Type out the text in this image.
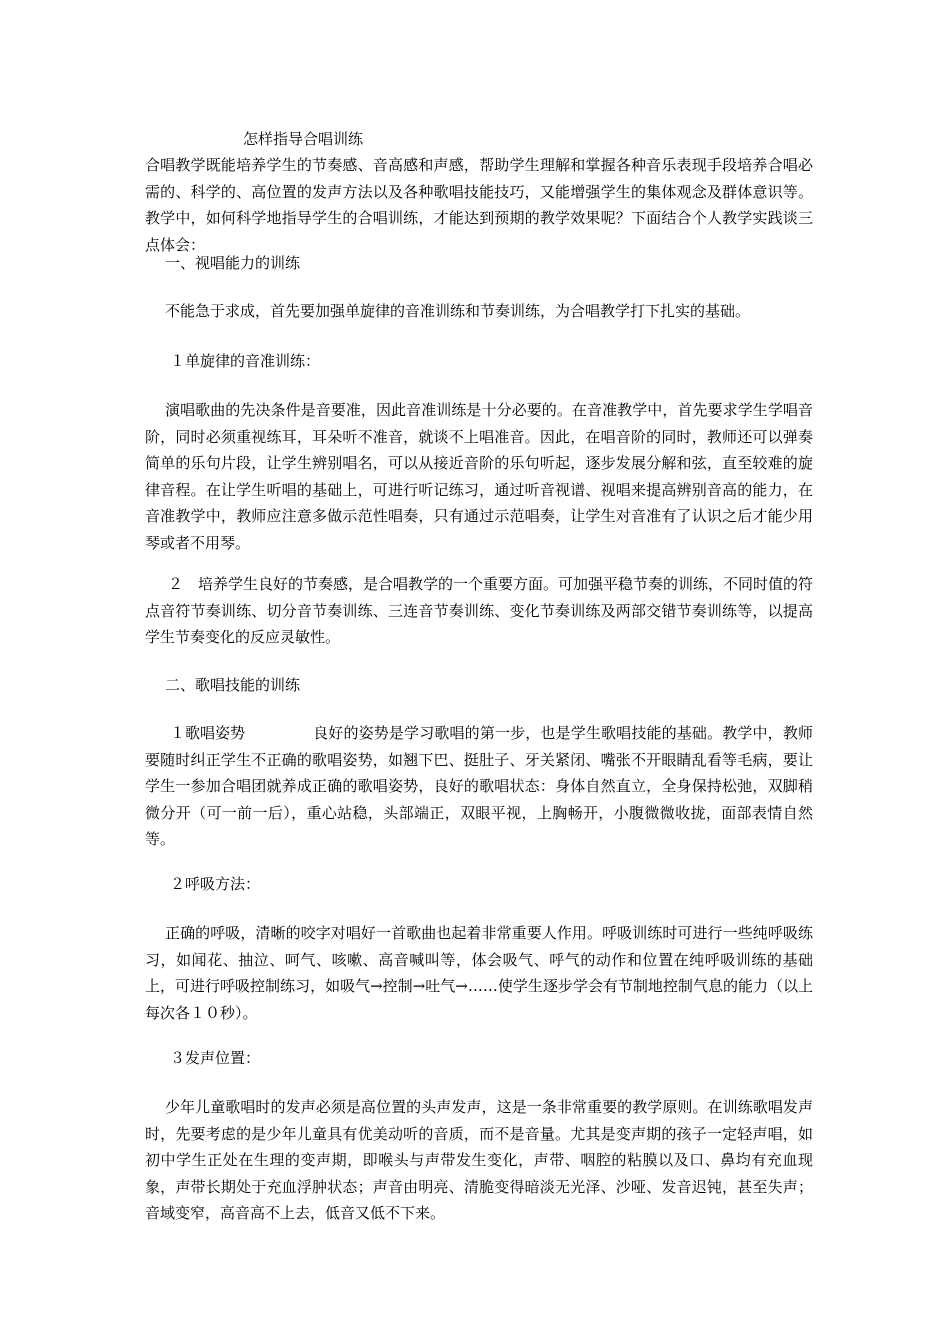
怎样指导合唱训练

合唱教学既能培养学生的节奏感、音高感和声感，帮助学生理解和掌握各种音乐表现手段培养合唱必需的、科学的、高位置的发声方法以及各种歌唱技能技巧，又能增强学生的集体观念及群体意识等。教学中，如何科学地指导学生的合唱训练，才能达到预期的教学效果呢？下面结合个人教学实践谈三点体会：

一、视唱能力的训练

不能急于求成，首先要加强单旋律的音准训练和节奏训练，为合唱教学打下扎实的基础。

１单旋律的音准训练：

演唱歌曲的先决条件是音要准，因此音准训练是十分必要的。在音准教学中，首先要求学生学唱音阶，同时必须重视练耳，耳朵听不准音，就谈不上唱准音。因此，在唱音阶的同时，教师还可以弹奏简单的乐句片段，让学生辨别唱名，可以从接近音阶的乐句听起，逐步发展分解和弦，直至较难的旋律音程。在让学生听唱的基础上，可进行听记练习，通过听音视谱、视唱来提高辨别音高的能力，在音准教学中，教师应注意多做示范性唱奏，只有通过示范唱奏，让学生对音准有了认识之后才能少用琴或者不用琴。

２　培养学生良好的节奏感，是合唱教学的一个重要方面。可加强平稳节奏的训练，不同时值的符点音符节奏训练、切分音节奏训练、三连音节奏训练、变化节奏训练及两部交错节奏训练等，以提高学生节奏变化的反应灵敏性。

二、歌唱技能的训练

１歌唱姿势	良好的姿势是学习歌唱的第一步，也是学生歌唱技能的基础。教学中，教师要随时纠正学生不正确的歌唱姿势，如翘下巴、挺肚子、牙关紧闭、嘴张不开眼睛乱看等毛病，要让学生一参加合唱团就养成正确的歌唱姿势，良好的歌唱状态：身体自然直立，全身保持松弛，双脚稍微分开（可一前一后），重心站稳，头部端正，双眼平视，上胸畅开，小腹微微收拢，面部表情自然等。

２呼吸方法：

正确的呼吸，清晰的咬字对唱好一首歌曲也起着非常重要人作用。呼吸训练时可进行一些纯呼吸练习，如闻花、抽泣、呵气、咳嗽、高音喊叫等，体会吸气、呼气的动作和位置在纯呼吸训练的基础上，可进行呼吸控制练习，如吸气→控制→吐气→……使学生逐步学会有节制地控制气息的能力（以上每次各１０秒）。

３发声位置：

少年儿童歌唱时的发声必须是高位置的头声发声，这是一条非常重要的教学原则。在训练歌唱发声时，先要考虑的是少年儿童具有优美动听的音质，而不是音量。尤其是变声期的孩子一定轻声唱，如初中学生正处在生理的变声期，即喉头与声带发生变化，声带、咽腔的粘膜以及口、鼻均有充血现象，声带长期处于充血浮肿状态；声音由明亮、清脆变得暗淡无光泽、沙哑、发音迟钝，甚至失声；音域变窄，高音高不上去，低音又低不下来。
